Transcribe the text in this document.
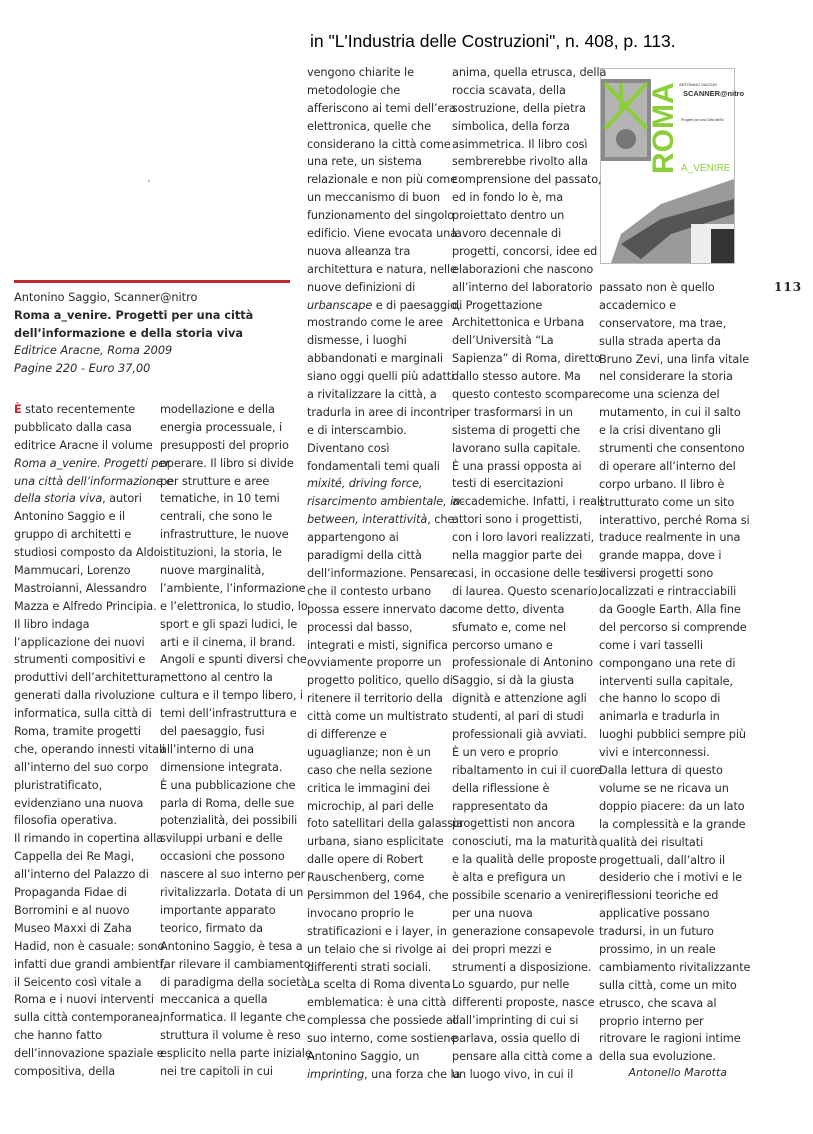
in "L'Industria delle Costruzioni", n. 408, p. 113.
Antonino Saggio, Scanner@nitro
Roma a_venire. Progetti per una città
dell’informazione e della storia viva
Editrice Aracne, Roma 2009
Pagine 220 - Euro 37,00
113
ROMA ANTONINO SAGGIO
SCANNER@nitro
Progetti per una Città dell'in
A_VENIRE
È stato recentemente
pubblicato dalla casa
editrice Aracne il volume
Roma a_venire. Progetti per
una città dell’informazione e
della storia viva, autori
Antonino Saggio e il
gruppo di architetti e
studiosi composto da Aldo
Mammucari, Lorenzo
Mastroianni, Alessandro
Mazza e Alfredo Principia.
Il libro indaga
l’applicazione dei nuovi
strumenti compositivi e
produttivi dell’architettura,
generati dalla rivoluzione
informatica, sulla città di
Roma, tramite progetti
che, operando innesti vitali
all’interno del suo corpo
pluristratificato,
evidenziano una nuova
filosofia operativa.
Il rimando in copertina alla
Cappella dei Re Magi,
all’interno del Palazzo di
Propaganda Fidae di
Borromini e al nuovo
Museo Maxxi di Zaha
Hadid, non è casuale: sono
infatti due grandi ambienti,
il Seicento così vitale a
Roma e i nuovi interventi
sulla città contemporanea,
che hanno fatto
dell’innovazione spaziale e
compositiva, della
modellazione e della
energia processuale, i
presupposti del proprio
operare. Il libro si divide
per strutture e aree
tematiche, in 10 temi
centrali, che sono le
infrastrutture, le nuove
istituzioni, la storia, le
nuove marginalità,
l’ambiente, l’informazione
e l’elettronica, lo studio, lo
sport e gli spazi ludici, le
arti e il cinema, il brand.
Angoli e spunti diversi che
mettono al centro la
cultura e il tempo libero, i
temi dell’infrastruttura e
del paesaggio, fusi
all’interno di una
dimensione integrata.
È una pubblicazione che
parla di Roma, delle sue
potenzialità, dei possibili
sviluppi urbani e delle
occasioni che possono
nascere al suo interno per
rivitalizzarla. Dotata di un
importante apparato
teorico, firmato da
Antonino Saggio, è tesa a
far rilevare il cambiamento
di paradigma della società
meccanica a quella
informatica. Il legante che
struttura il volume è reso
esplicito nella parte iniziale,
nei tre capitoli in cui
vengono chiarite le
metodologie che
afferiscono ai temi dell’era
elettronica, quelle che
considerano la città come
una rete, un sistema
relazionale e non più come
un meccanismo di buon
funzionamento del singolo
edificio. Viene evocata una
nuova alleanza tra
architettura e natura, nelle
nuove definizioni di
urbanscape e di paesaggio,
mostrando come le aree
dismesse, i luoghi
abbandonati e marginali
siano oggi quelli più adatti
a rivitalizzare la città, a
tradurla in aree di incontri
e di interscambio.
Diventano così
fondamentali temi quali
mixité, driving force,
risarcimento ambientale, in-
between, interattività, che
appartengono ai
paradigmi della città
dell’informazione. Pensare
che il contesto urbano
possa essere innervato da
processi dal basso,
integrati e misti, significa
ovviamente proporre un
progetto politico, quello di
ritenere il territorio della
città come un multistrato
di differenze e
uguaglianze; non è un
caso che nella sezione
critica le immagini dei
microchip, al pari delle
foto satellitari della galassia
urbana, siano esplicitate
dalle opere di Robert
Rauschenberg, come
Persimmon del 1964, che
invocano proprio le
stratificazioni e i layer, in
un telaio che si rivolge ai
differenti strati sociali.
La scelta di Roma diventa
emblematica: è una città
complessa che possiede al
suo interno, come sostiene
Antonino Saggio, un
imprinting, una forza che la
anima, quella etrusca, della
roccia scavata, della
sostruzione, della pietra
simbolica, della forza
asimmetrica. Il libro così
sembrerebbe rivolto alla
comprensione del passato,
ed in fondo lo è, ma
proiettato dentro un
lavoro decennale di
progetti, concorsi, idee ed
elaborazioni che nascono
all’interno del laboratorio
di Progettazione
Architettonica e Urbana
dell’Università “La
Sapienza” di Roma, diretto
dallo stesso autore. Ma
questo contesto scompare
per trasformarsi in un
sistema di progetti che
lavorano sulla capitale.
È una prassi opposta ai
testi di esercitazioni
accademiche. Infatti, i reali
attori sono i progettisti,
con i loro lavori realizzati,
nella maggior parte dei
casi, in occasione delle tesi
di laurea. Questo scenario,
come detto, diventa
sfumato e, come nel
percorso umano e
professionale di Antonino
Saggio, si dà la giusta
dignità e attenzione agli
studenti, al pari di studi
professionali già avviati.
È un vero e proprio
ribaltamento in cui il cuore
della riflessione è
rappresentato da
progettisti non ancora
conosciuti, ma la maturità
e la qualità delle proposte
è alta e prefigura un
possibile scenario a venire,
per una nuova
generazione consapevole
dei propri mezzi e
strumenti a disposizione.
Lo sguardo, pur nelle
differenti proposte, nasce
dall’imprinting di cui si
parlava, ossia quello di
pensare alla città come a
un luogo vivo, in cui il
passato non è quello
accademico e
conservatore, ma trae,
sulla strada aperta da
Bruno Zevi, una linfa vitale
nel considerare la storia
come una scienza del
mutamento, in cui il salto
e la crisi diventano gli
strumenti che consentono
di operare all’interno del
corpo urbano. Il libro è
strutturato come un sito
interattivo, perché Roma si
traduce realmente in una
grande mappa, dove i
diversi progetti sono
localizzati e rintracciabili
da Google Earth. Alla fine
del percorso si comprende
come i vari tasselli
compongano una rete di
interventi sulla capitale,
che hanno lo scopo di
animarla e tradurla in
luoghi pubblici sempre più
vivi e interconnessi.
Dalla lettura di questo
volume se ne ricava un
doppio piacere: da un lato
la complessità e la grande
qualità dei risultati
progettuali, dall’altro il
desiderio che i motivi e le
riflessioni teoriche ed
applicative possano
tradursi, in un futuro
prossimo, in un reale
cambiamento rivitalizzante
sulla città, come un mito
etrusco, che scava al
proprio interno per
ritrovare le ragioni intime
della sua evoluzione.
Antonello Marotta
